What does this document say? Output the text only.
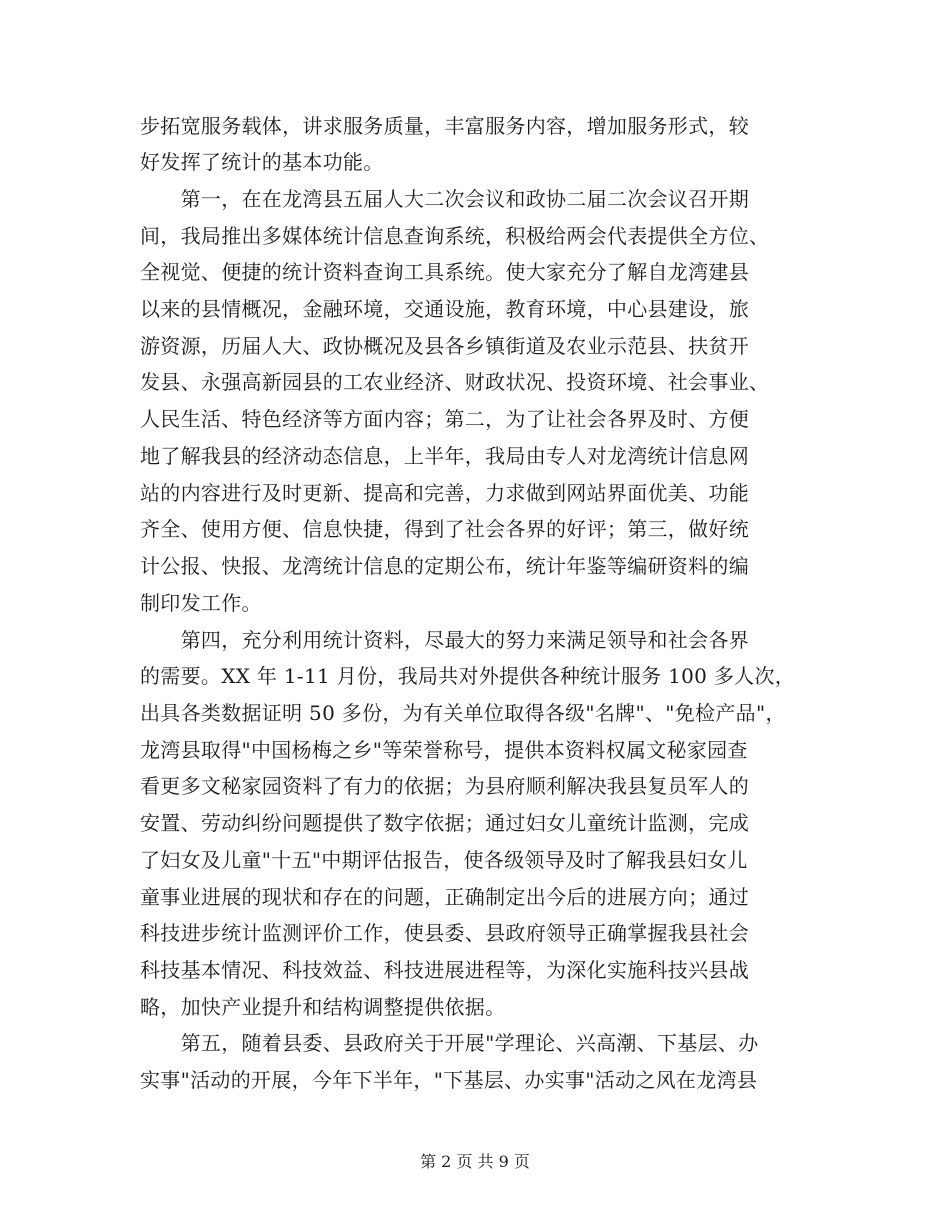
步拓宽服务载体，讲求服务质量，丰富服务内容，增加服务形式，较
好发挥了统计的基本功能。
　　第一，在在龙湾县五届人大二次会议和政协二届二次会议召开期
间，我局推出多媒体统计信息查询系统，积极给两会代表提供全方位、
全视觉、便捷的统计资料查询工具系统。使大家充分了解自龙湾建县
以来的县情概况，金融环境，交通设施，教育环境，中心县建设，旅
游资源，历届人大、政协概况及县各乡镇街道及农业示范县、扶贫开
发县、永强高新园县的工农业经济、财政状况、投资环境、社会事业、
人民生活、特色经济等方面内容；第二，为了让社会各界及时、方便
地了解我县的经济动态信息，上半年，我局由专人对龙湾统计信息网
站的内容进行及时更新、提高和完善，力求做到网站界面优美、功能
齐全、使用方便、信息快捷，得到了社会各界的好评；第三，做好统
计公报、快报、龙湾统计信息的定期公布，统计年鉴等编研资料的编
制印发工作。
　　第四，充分利用统计资料，尽最大的努力来满足领导和社会各界
的需要。XX 年 1-11 月份，我局共对外提供各种统计服务 100 多人次，
出具各类数据证明 50 多份，为有关单位取得各级"名牌"、"免检产品"，
龙湾县取得"中国杨梅之乡"等荣誉称号，提供本资料权属文秘家园查
看更多文秘家园资料了有力的依据；为县府顺利解决我县复员军人的
安置、劳动纠纷问题提供了数字依据；通过妇女儿童统计监测，完成
了妇女及儿童"十五"中期评估报告，使各级领导及时了解我县妇女儿
童事业进展的现状和存在的问题，正确制定出今后的进展方向；通过
科技进步统计监测评价工作，使县委、县政府领导正确掌握我县社会
科技基本情况、科技效益、科技进展进程等，为深化实施科技兴县战
略，加快产业提升和结构调整提供依据。
　　第五，随着县委、县政府关于开展"学理论、兴高潮、下基层、办
实事"活动的开展，今年下半年，"下基层、办实事"活动之风在龙湾县
第 2 页 共 9 页
